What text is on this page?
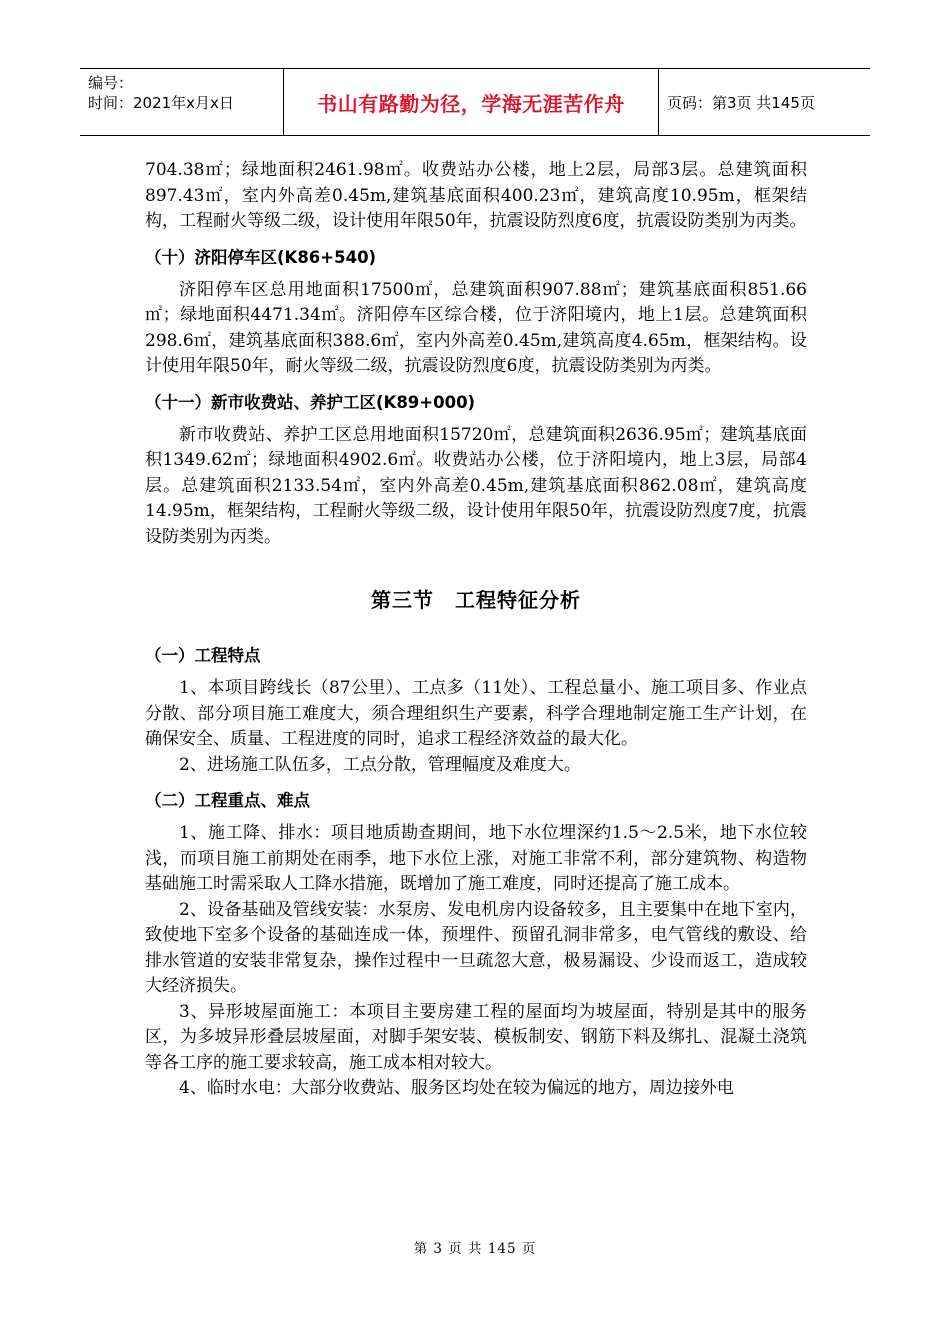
编号：
时间：2021年x月x日	书山有路勤为径，学海无涯苦作舟	页码：第3页 共145页

704.38㎡；绿地面积2461.98㎡。收费站办公楼，地上2层，局部3层。总建筑面积897.43㎡，室内外高差0.45m,建筑基底面积400.23㎡，建筑高度10.95m，框架结构，工程耐火等级二级，设计使用年限50年，抗震设防烈度6度，抗震设防类别为丙类。

（十）济阳停车区(K86+540)

济阳停车区总用地面积17500㎡，总建筑面积907.88㎡；建筑基底面积851.66㎡；绿地面积4471.34㎡。济阳停车区综合楼，位于济阳境内，地上1层。总建筑面积298.6㎡，建筑基底面积388.6㎡，室内外高差0.45m,建筑高度4.65m，框架结构。设计使用年限50年，耐火等级二级，抗震设防烈度6度，抗震设防类别为丙类。

（十一）新市收费站、养护工区(K89+000)

新市收费站、养护工区总用地面积15720㎡，总建筑面积2636.95㎡；建筑基底面积1349.62㎡；绿地面积4902.6㎡。收费站办公楼，位于济阳境内，地上3层，局部4层。总建筑面积2133.54㎡，室内外高差0.45m,建筑基底面积862.08㎡，建筑高度14.95m，框架结构，工程耐火等级二级，设计使用年限50年，抗震设防烈度7度，抗震设防类别为丙类。

第三节　工程特征分析
（一）工程特点

1、本项目跨线长（87公里）、工点多（11处）、工程总量小、施工项目多、作业点分散、部分项目施工难度大，须合理组织生产要素，科学合理地制定施工生产计划，在确保安全、质量、工程进度的同时，追求工程经济效益的最大化。

2、进场施工队伍多，工点分散，管理幅度及难度大。

（二）工程重点、难点

1、施工降、排水：项目地质勘查期间，地下水位埋深约1.5～2.5米，地下水位较浅，而项目施工前期处在雨季，地下水位上涨，对施工非常不利，部分建筑物、构造物基础施工时需采取人工降水措施，既增加了施工难度，同时还提高了施工成本。

2、设备基础及管线安装：水泵房、发电机房内设备较多，且主要集中在地下室内，致使地下室多个设备的基础连成一体，预埋件、预留孔洞非常多，电气管线的敷设、给排水管道的安装非常复杂，操作过程中一旦疏忽大意，极易漏设、少设而返工，造成较大经济损失。

3、异形坡屋面施工：本项目主要房建工程的屋面均为坡屋面，特别是其中的服务区，为多坡异形叠层坡屋面，对脚手架安装、模板制安、钢筋下料及绑扎、混凝土浇筑等各工序的施工要求较高，施工成本相对较大。

4、临时水电：大部分收费站、服务区均处在较为偏远的地方，周边接外电

第 3 页 共 145 页
